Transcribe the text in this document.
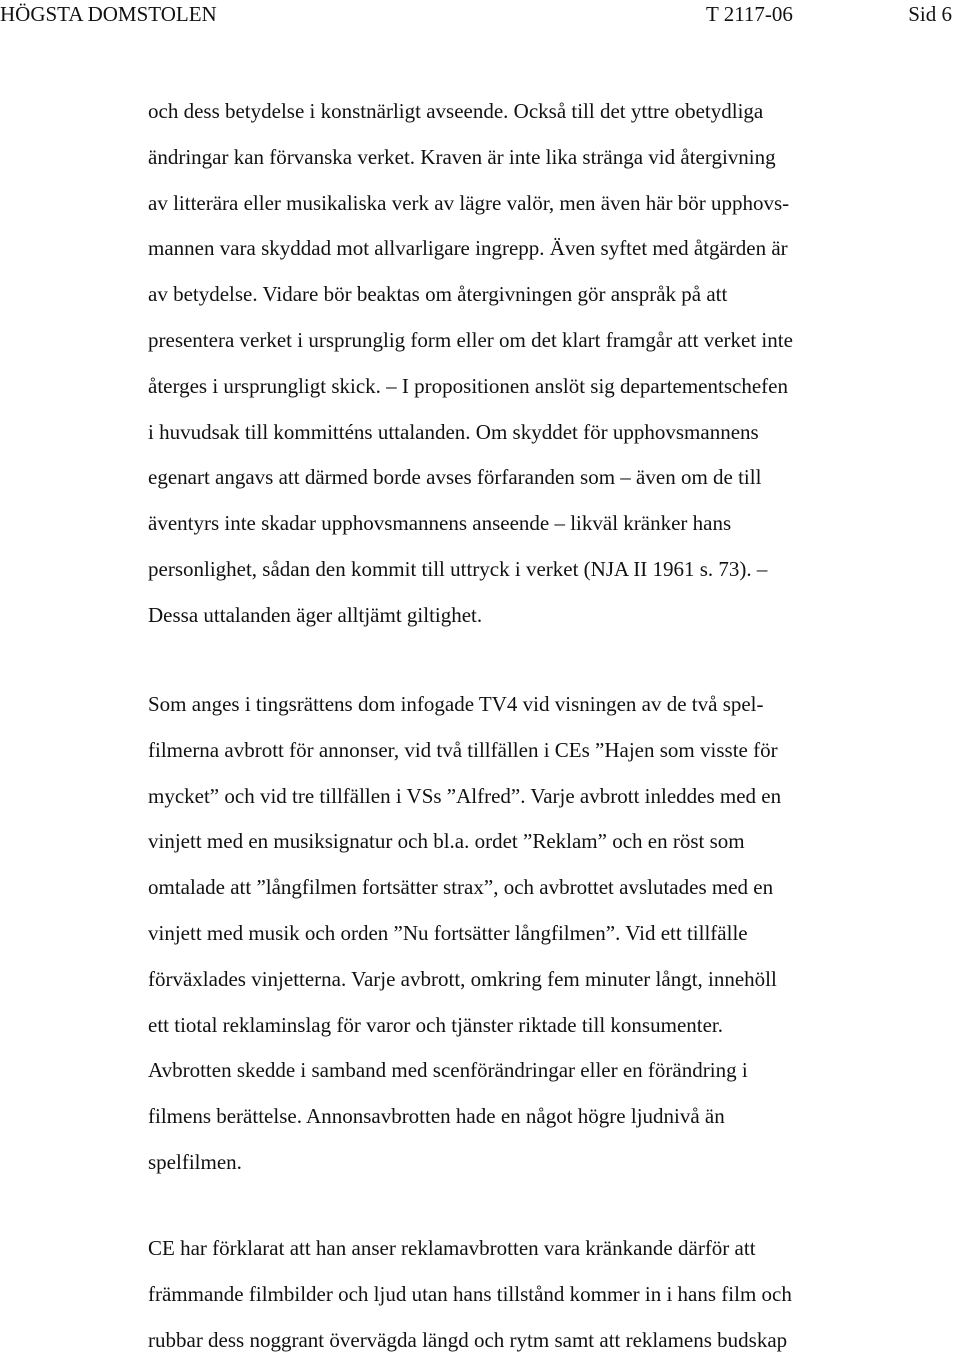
HÖGSTA DOMSTOLEN	T 2117-06	Sid 6
och dess betydelse i konstnärligt avseende. Också till det yttre obetydliga
ändringar kan förvanska verket. Kraven är inte lika stränga vid återgivning
av litterära eller musikaliska verk av lägre valör, men även här bör upphovs-
mannen vara skyddad mot allvarligare ingrepp. Även syftet med åtgärden är
av betydelse. Vidare bör beaktas om återgivningen gör anspråk på att
presentera verket i ursprunglig form eller om det klart framgår att verket inte
återges i ursprungligt skick. – I propositionen anslöt sig departementschefen
i huvudsak till kommitténs uttalanden. Om skyddet för upphovsmannens
egenart angavs att därmed borde avses förfaranden som – även om de till
äventyrs inte skadar upphovsmannens anseende – likväl kränker hans
personlighet, sådan den kommit till uttryck i verket (NJA II 1961 s. 73). –
Dessa uttalanden äger alltjämt giltighet.
Som anges i tingsrättens dom infogade TV4 vid visningen av de två spel-
filmerna avbrott för annonser, vid två tillfällen i CEs ”Hajen som visste för
mycket” och vid tre tillfällen i VSs ”Alfred”. Varje avbrott inleddes med en
vinjett med en musiksignatur och bl.a. ordet ”Reklam” och en röst som
omtalade att ”långfilmen fortsätter strax”, och avbrottet avslutades med en
vinjett med musik och orden ”Nu fortsätter långfilmen”. Vid ett tillfälle
förväxlades vinjetterna. Varje avbrott, omkring fem minuter långt, innehöll
ett tiotal reklaminslag för varor och tjänster riktade till konsumenter.
Avbrotten skedde i samband med scenförändringar eller en förändring i
filmens berättelse. Annonsavbrotten hade en något högre ljudnivå än
spelfilmen.
CE har förklarat att han anser reklamavbrotten vara kränkande därför att
främmande filmbilder och ljud utan hans tillstånd kommer in i hans film och
rubbar dess noggrant övervägda längd och rytm samt att reklamens budskap
